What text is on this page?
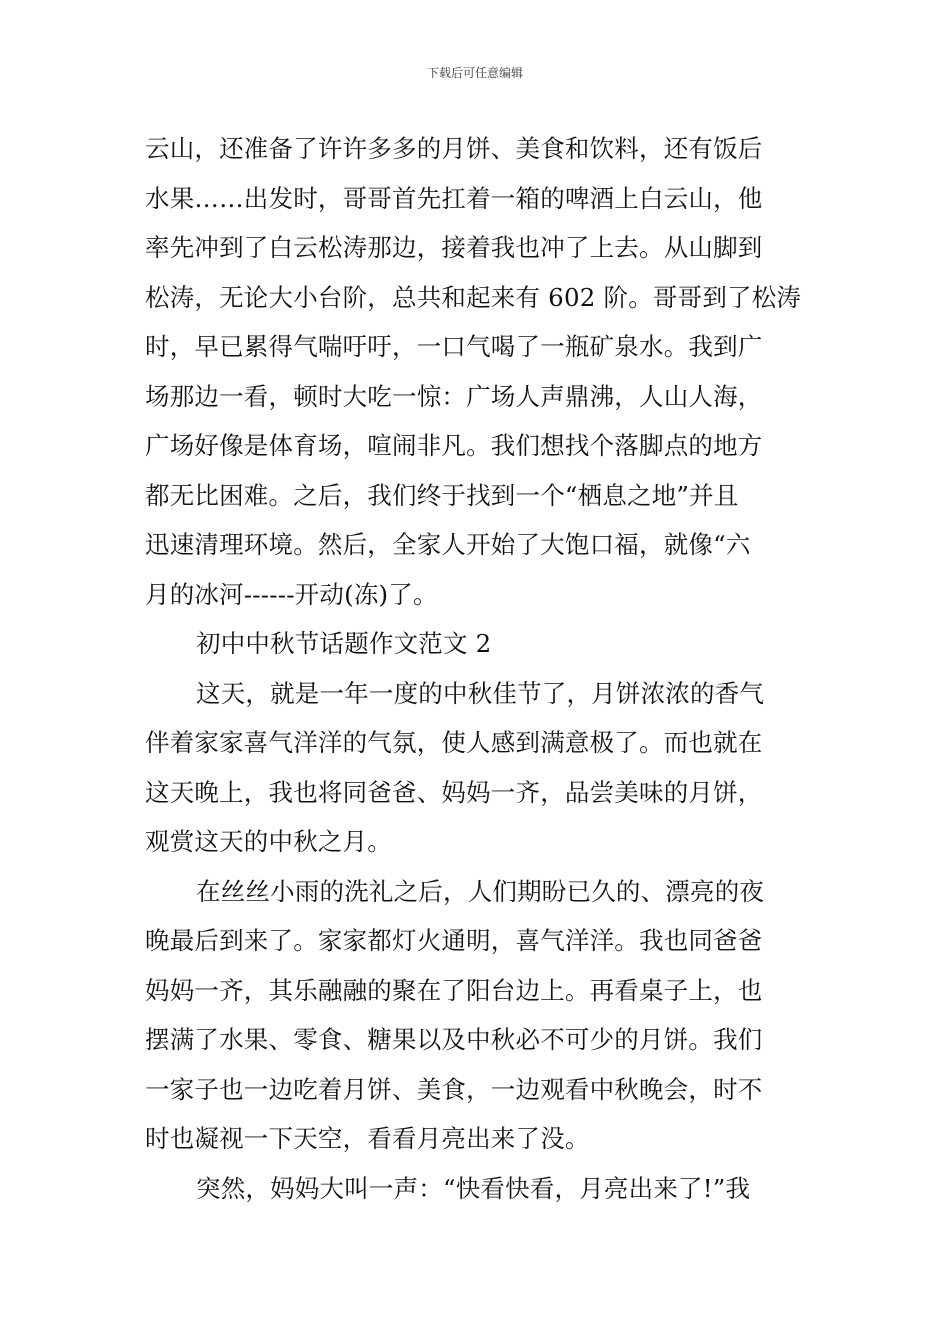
下载后可任意编辑
云山，还准备了许许多多的月饼、美食和饮料，还有饭后
水果……出发时，哥哥首先扛着一箱的啤酒上白云山，他
率先冲到了白云松涛那边，接着我也冲了上去。从山脚到
松涛，无论大小台阶，总共和起来有 602 阶。哥哥到了松涛
时，早已累得气喘吁吁，一口气喝了一瓶矿泉水。我到广
场那边一看，顿时大吃一惊：广场人声鼎沸，人山人海，
广场好像是体育场，喧闹非凡。我们想找个落脚点的地方
都无比困难。之后，我们终于找到一个“栖息之地”并且
迅速清理环境。然后，全家人开始了大饱口福，就像“六
月的冰河------开动(冻)了。
初中中秋节话题作文范文 2
这天，就是一年一度的中秋佳节了，月饼浓浓的香气
伴着家家喜气洋洋的气氛，使人感到满意极了。而也就在
这天晚上，我也将同爸爸、妈妈一齐，品尝美味的月饼，
观赏这天的中秋之月。
在丝丝小雨的洗礼之后，人们期盼已久的、漂亮的夜
晚最后到来了。家家都灯火通明，喜气洋洋。我也同爸爸
妈妈一齐，其乐融融的聚在了阳台边上。再看桌子上，也
摆满了水果、零食、糖果以及中秋必不可少的月饼。我们
一家子也一边吃着月饼、美食，一边观看中秋晚会，时不
时也凝视一下天空，看看月亮出来了没。
突然，妈妈大叫一声：“快看快看，月亮出来了!”我
